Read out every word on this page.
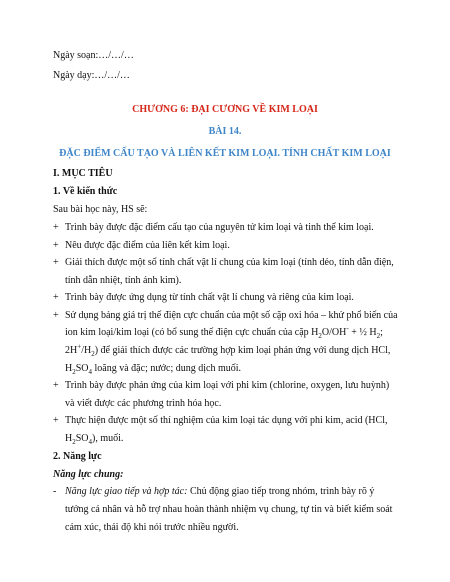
Ngày soạn:…/…/…
Ngày dạy:…/…/…
CHƯƠNG 6: ĐẠI CƯƠNG VỀ KIM LOẠI
BÀI 14.
ĐẶC ĐIỂM CẤU TẠO VÀ LIÊN KẾT KIM LOẠI. TÍNH CHẤT KIM LOẠI
I. MỤC TIÊU
1. Về kiến thức
Sau bài học này, HS sẽ:
+ Trình bày được đặc điểm cấu tạo của nguyên tử kim loại và tinh thể kim loại.
+ Nêu được đặc điểm của liên kết kim loại.
+ Giải thích được một số tính chất vật lí chung của kim loại (tính dẻo, tính dẫn điện,
tính dẫn nhiệt, tính ánh kim).
+ Trình bày được ứng dụng từ tính chất vật lí chung và riêng của kim loại.
+ Sử dụng bảng giá trị thế điện cực chuẩn của một số cặp oxi hóa – khử phổ biến của
ion kim loại/kim loại (có bổ sung thế điện cực chuẩn của cặp $H_2O/OH^-$ + ½ $H_2$;
$2H^+/H_2$) để giải thích được các trường hợp kim loại phản ứng với dung dịch HCl,
$H_2SO_4$ loãng và đặc; nước; dung dịch muối.
+ Trình bày được phản ứng của kim loại với phi kim (chlorine, oxygen, lưu huỳnh)
và viết được các phương trình hóa học.
+ Thực hiện được một số thí nghiệm của kim loại tác dụng với phi kim, acid (HCl,
$H_2SO_4$), muối.
2. Năng lực
Năng lực chung:
- Năng lực giao tiếp và hợp tác: Chủ động giao tiếp trong nhóm, trình bày rõ ý
tưởng cá nhân và hỗ trợ nhau hoàn thành nhiệm vụ chung, tự tin và biết kiểm soát
cảm xúc, thái độ khi nói trước nhiều người.
